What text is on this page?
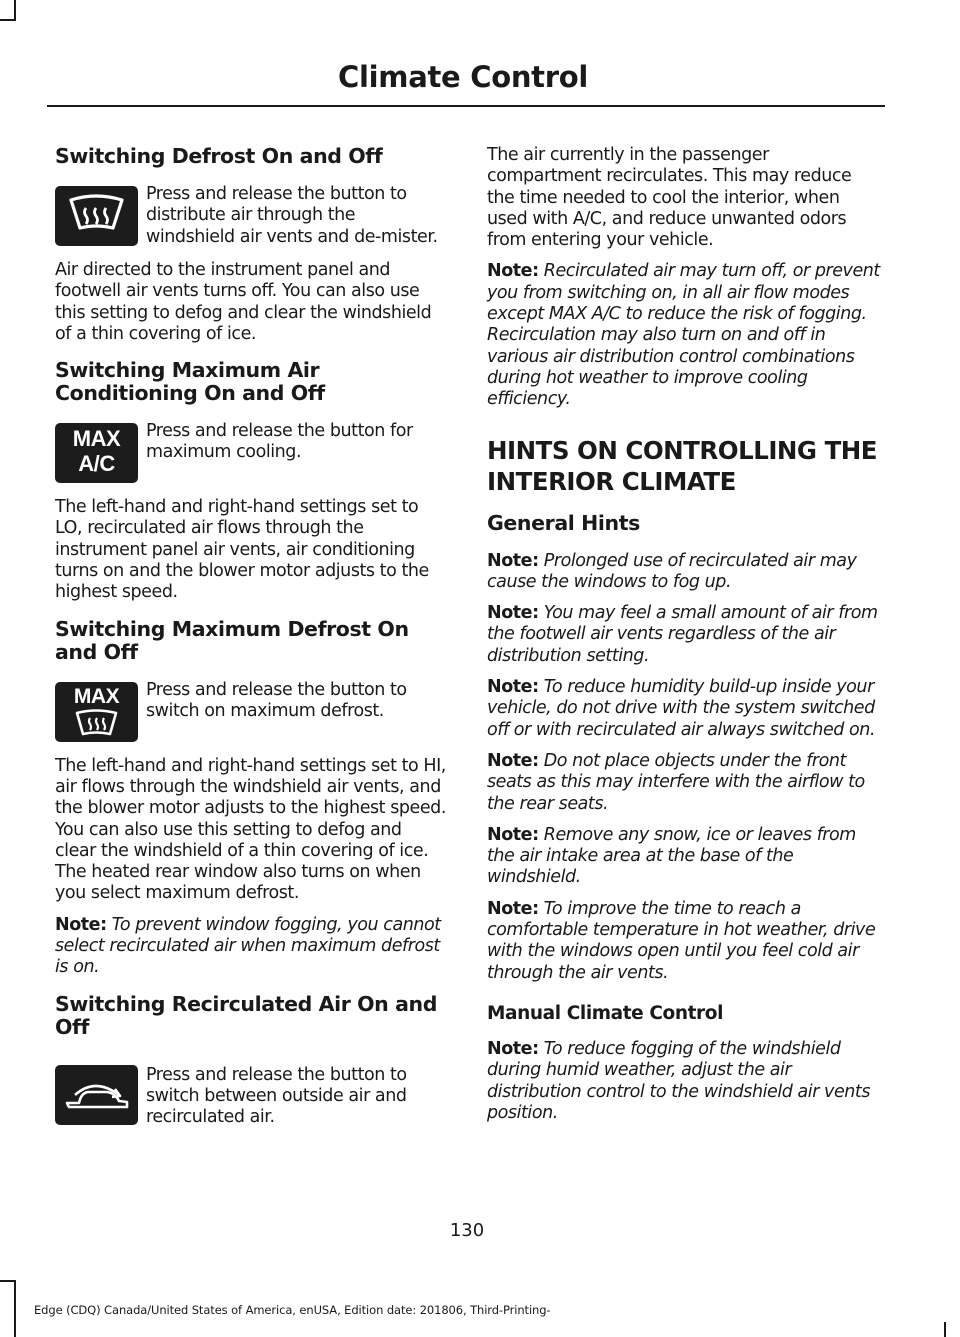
Climate Control
Switching Defrost On and Off

Press and release the button to distribute air through the windshield air vents and de-mister.

Air directed to the instrument panel and footwell air vents turns off. You can also use this setting to defog and clear the windshield of a thin covering of ice.

Switching Maximum Air Conditioning On and Off

MAX
A/C
Press and release the button for maximum cooling.

The left-hand and right-hand settings set to LO, recirculated air flows through the instrument panel air vents, air conditioning turns on and the blower motor adjusts to the highest speed.

Switching Maximum Defrost On and Off

MAX	Press and release the button to switch on maximum defrost.

The left-hand and right-hand settings set to HI, air flows through the windshield air vents, and the blower motor adjusts to the highest speed. You can also use this setting to defog and clear the windshield of a thin covering of ice. The heated rear window also turns on when you select maximum defrost.

Note: To prevent window fogging, you cannot select recirculated air when maximum defrost is on.

Switching Recirculated Air On and Off

Press and release the button to switch between outside air and recirculated air.

The air currently in the passenger compartment recirculates. This may reduce the time needed to cool the interior, when used with A/C, and reduce unwanted odors from entering your vehicle.

Note: Recirculated air may turn off, or prevent you from switching on, in all air flow modes except MAX A/C to reduce the risk of fogging. Recirculation may also turn on and off in various air distribution control combinations during hot weather to improve cooling efficiency.

HINTS ON CONTROLLING THE
INTERIOR CLIMATE
General Hints

Note: Prolonged use of recirculated air may cause the windows to fog up.

Note: You may feel a small amount of air from the footwell air vents regardless of the air distribution setting.

Note: To reduce humidity build-up inside your vehicle, do not drive with the system switched off or with recirculated air always switched on.

Note: Do not place objects under the front seats as this may interfere with the airflow to the rear seats.

Note: Remove any snow, ice or leaves from the air intake area at the base of the windshield.

Note: To improve the time to reach a comfortable temperature in hot weather, drive with the windows open until you feel cold air through the air vents.

Manual Climate Control

Note: To reduce fogging of the windshield during humid weather, adjust the air distribution control to the windshield air vents position.

130
Edge (CDQ) Canada/United States of America, enUSA, Edition date: 201806, Third-Printing-
